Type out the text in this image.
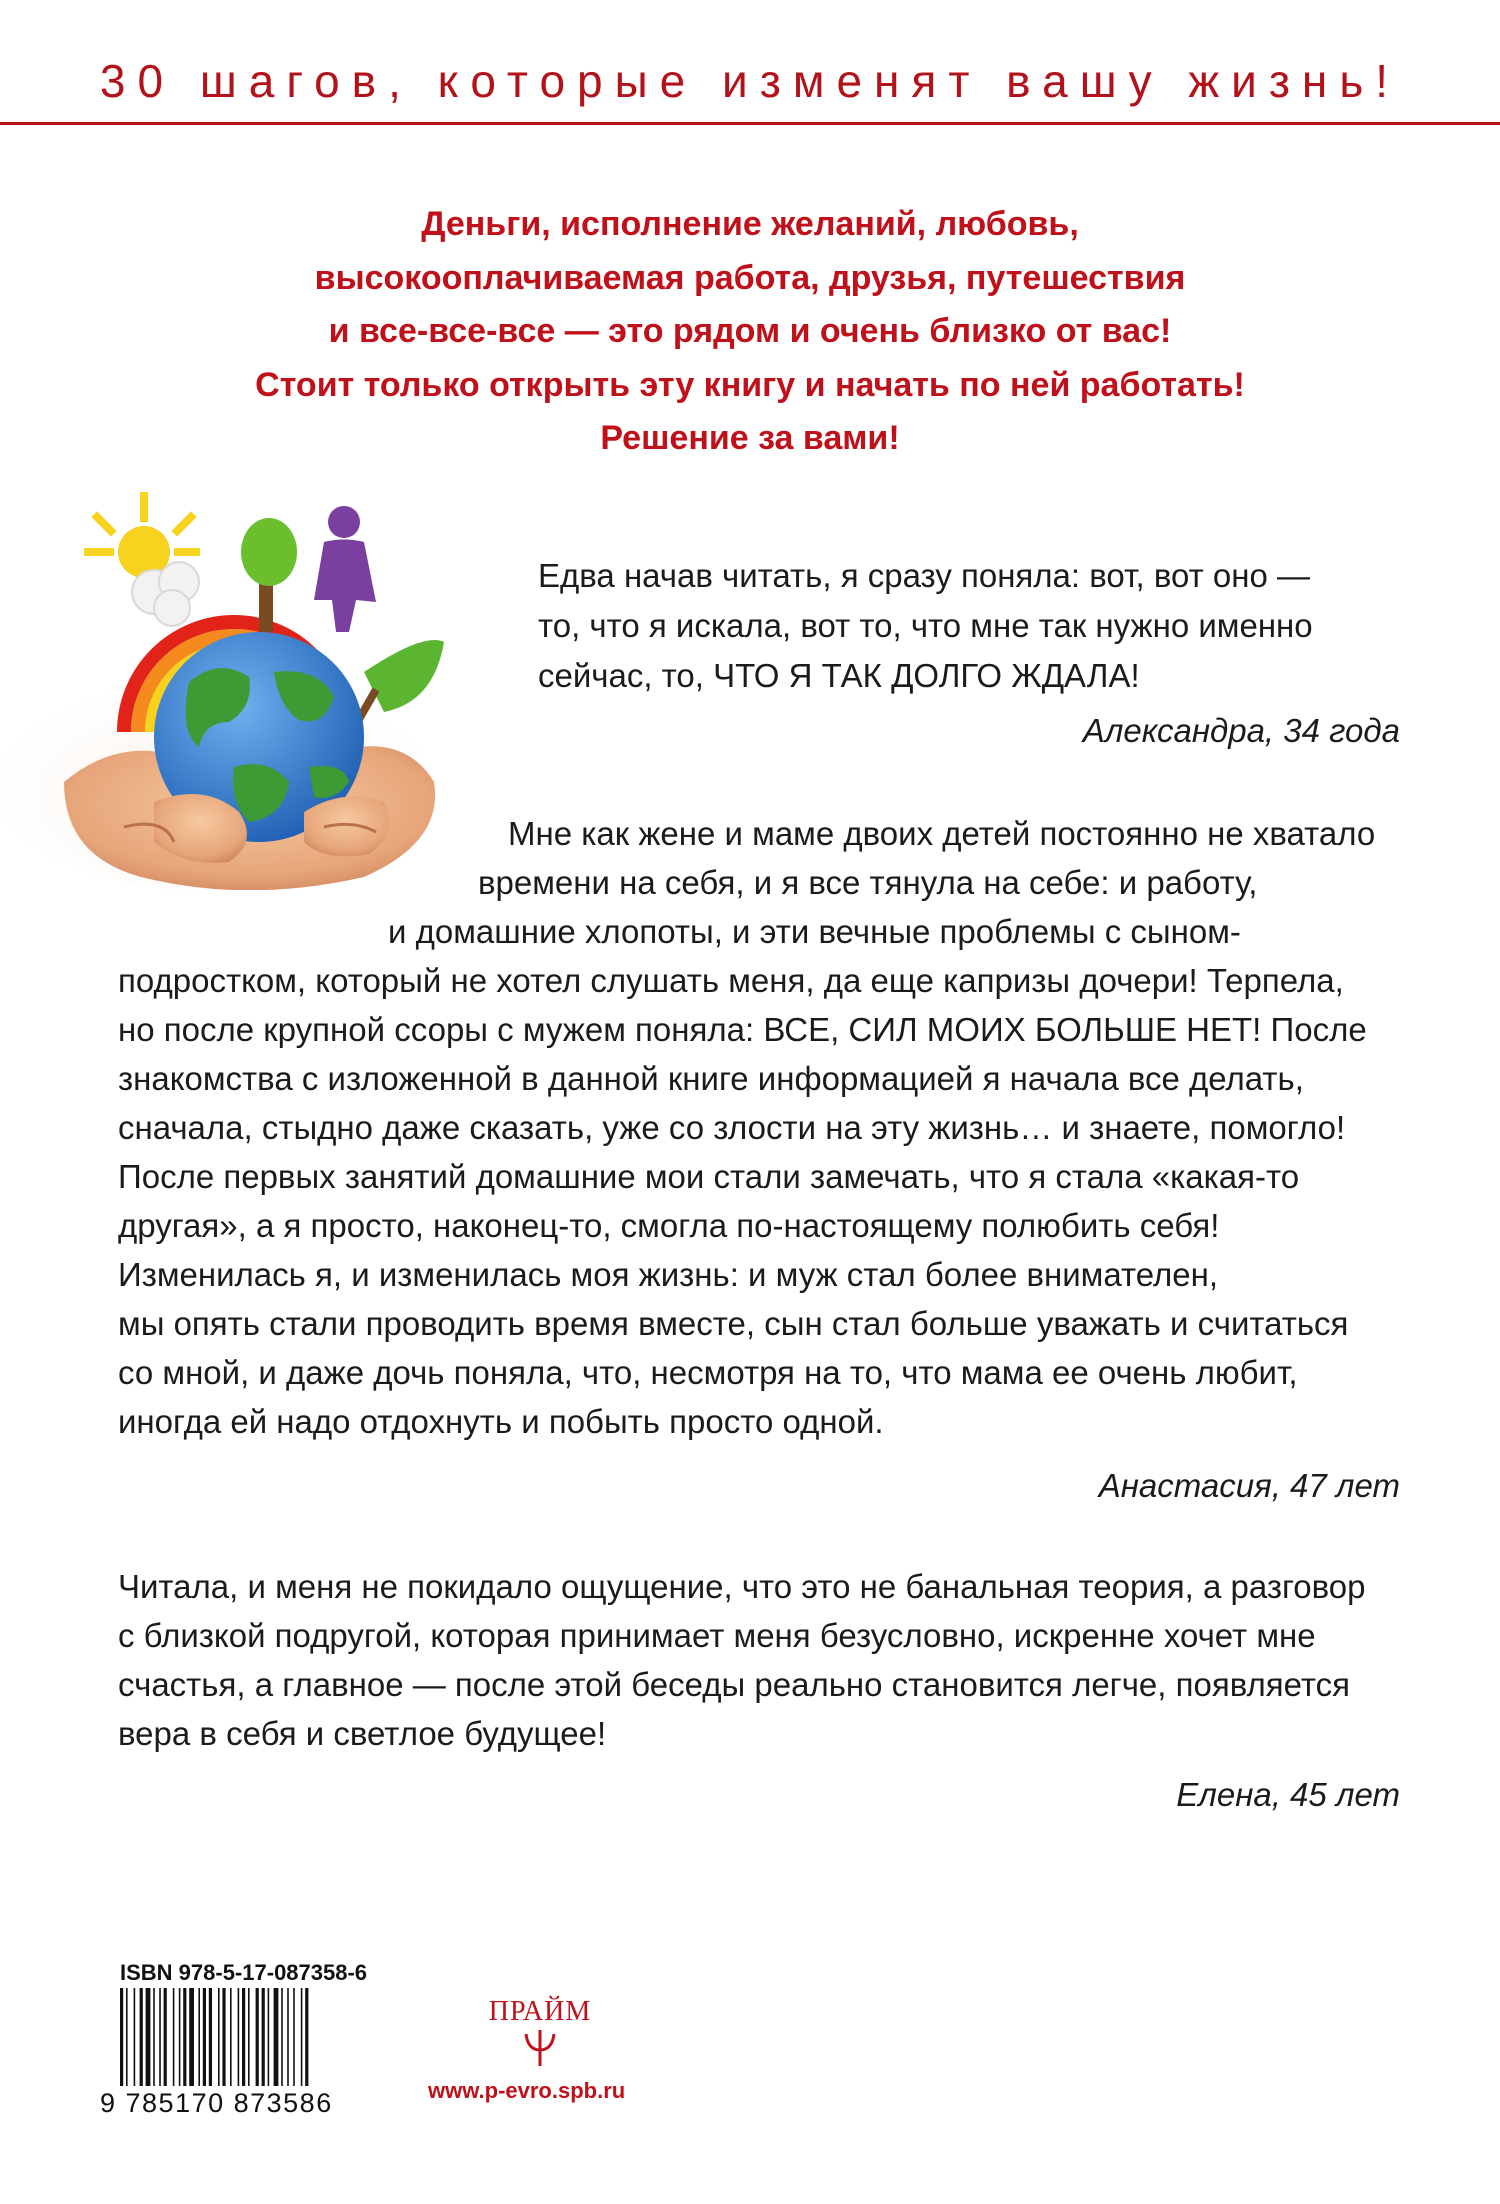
30 шагов, которые изменят вашу жизнь!
Деньги, исполнение желаний, любовь,
высокооплачиваемая работа, друзья, путешествия
и все-все-все — это рядом и очень близко от вас!
Стоит только открыть эту книгу и начать по ней работать!
Решение за вами!
Едва начав читать, я сразу поняла: вот, вот оно —
то, что я искала, вот то, что мне так нужно именно
сейчас, то, ЧТО Я ТАК ДОЛГО ЖДАЛА!
Александра, 34 года
Мне как жене и маме двоих детей постоянно не хватало
времени на себя, и я все тянула на себе: и работу,
и домашние хлопоты, и эти вечные проблемы с сыном-
подростком, который не хотел слушать меня, да еще капризы дочери! Терпела,
но после крупной ссоры с мужем поняла: ВСЕ, СИЛ МОИХ БОЛЬШЕ НЕТ! После
знакомства с изложенной в данной книге информацией я начала все делать,
сначала, стыдно даже сказать, уже со злости на эту жизнь… и знаете, помогло!
После первых занятий домашние мои стали замечать, что я стала «какая-то
другая», а я просто, наконец-то, смогла по-настоящему полюбить себя!
Изменилась я, и изменилась моя жизнь: и муж стал более внимателен,
мы опять стали проводить время вместе, сын стал больше уважать и считаться
со мной, и даже дочь поняла, что, несмотря на то, что мама ее очень любит,
иногда ей надо отдохнуть и побыть просто одной.
Анастасия, 47 лет
Читала, и меня не покидало ощущение, что это не банальная теория, а разговор
с близкой подругой, которая принимает меня безусловно, искренне хочет мне
счастья, а главное — после этой беседы реально становится легче, появляется
вера в себя и светлое будущее!
Елена, 45 лет
ISBN 978-5-17-087358-6
9 785170 873586
ПРАЙМ
www.p-evro.spb.ru
